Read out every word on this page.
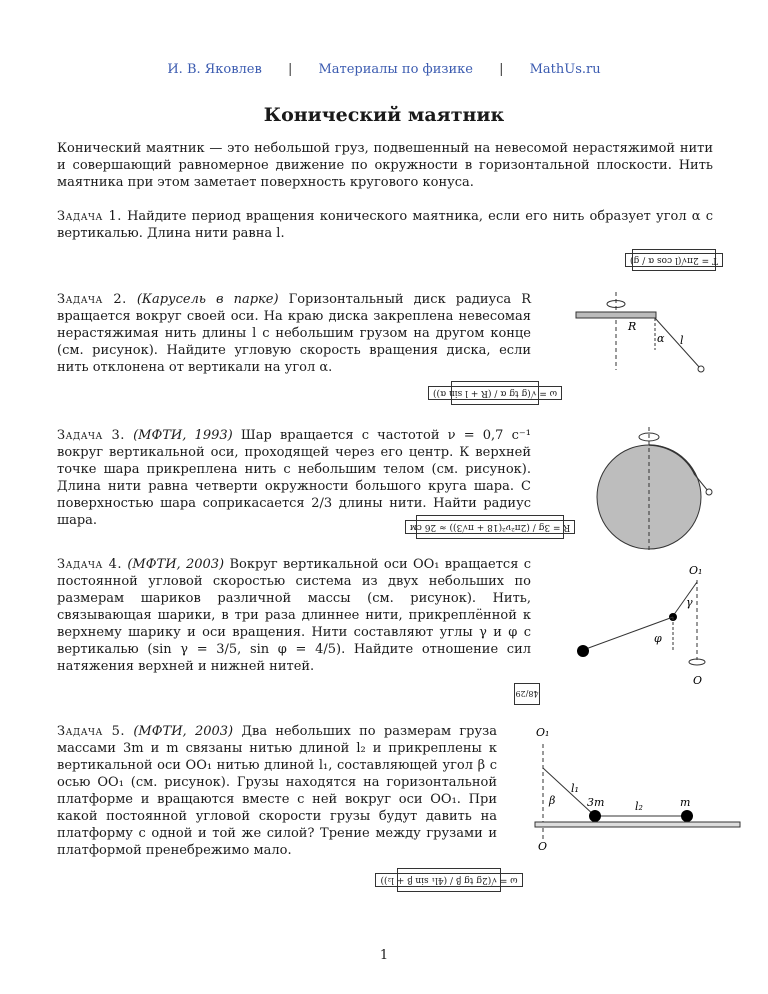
И. В. Яковлев | Материалы по физике | MathUs.ru
Конический маятник
Конический маятник — это небольшой груз, подвешенный на невесомой нерастяжимой нити и совершающий равномерное движение по окружности в горизонтальной плоскости. Нить маятника при этом заметает поверхность кругового конуса.
Задача 1. Найдите период вращения конического маятника, если его нить образует угол α с вертикалью. Длина нити равна l.
T = 2π√(l cos α / g)
Задача 2. (Карусель в парке) Горизонтальный диск радиуса R вращается вокруг своей оси. На краю диска закреплена невесомая нерастяжимая нить длины l с небольшим грузом на другом конце (см. рисунок). Найдите угловую скорость вращения диска, если нить отклонена от вертикали на угол α.
ω = √(g tg α / (R + l sin α))
R
α l
Задача 3. (МФТИ, 1993) Шар вращается с частотой ν = 0,7 с⁻¹ вокруг вертикальной оси, проходящей через его центр. К верхней точке шара прикреплена нить с небольшим телом (см. рисунок). Длина нити равна четверти окружности большого круга шара. С поверхностью шара соприкасается 2/3 длины нити. Найти радиус шара.	R = 3g / (2π²ν²(18 + π√3)) ≈ 26 см
Задача 4. (МФТИ, 2003) Вокруг вертикальной оси OO₁ вращается с постоянной угловой скоростью система из двух небольших по размерам шариков различной массы (см. рисунок). Нить, связывающая шарики, в три раза длиннее нити, прикреплённой к верхнему шарику и оси вращения. Нити составляют углы γ и φ с вертикалью (sin γ = 3/5, sin φ = 4/5). Найдите отношение сил натяжения верхней и нижней нитей.
48/29
O₁
γ
φ
O
Задача 5. (МФТИ, 2003) Два небольших по размерам груза массами 3m и m связаны нитью длиной l₂ и прикреплены к вертикальной оси OO₁ нитью длиной l₁, составляющей угол β с осью OO₁ (см. рисунок). Грузы находятся на горизонтальной платформе и вращаются вместе с ней вокруг оси OO₁. При какой постоянной угловой скорости грузы будут давить на платформу с одной и той же силой? Трение между грузами и платформой пренебрежимо мало.
ω = √(2g tg β / (4l₁ sin β + l₂))
O₁
l₁
β	3m	l₂	m
O
1
